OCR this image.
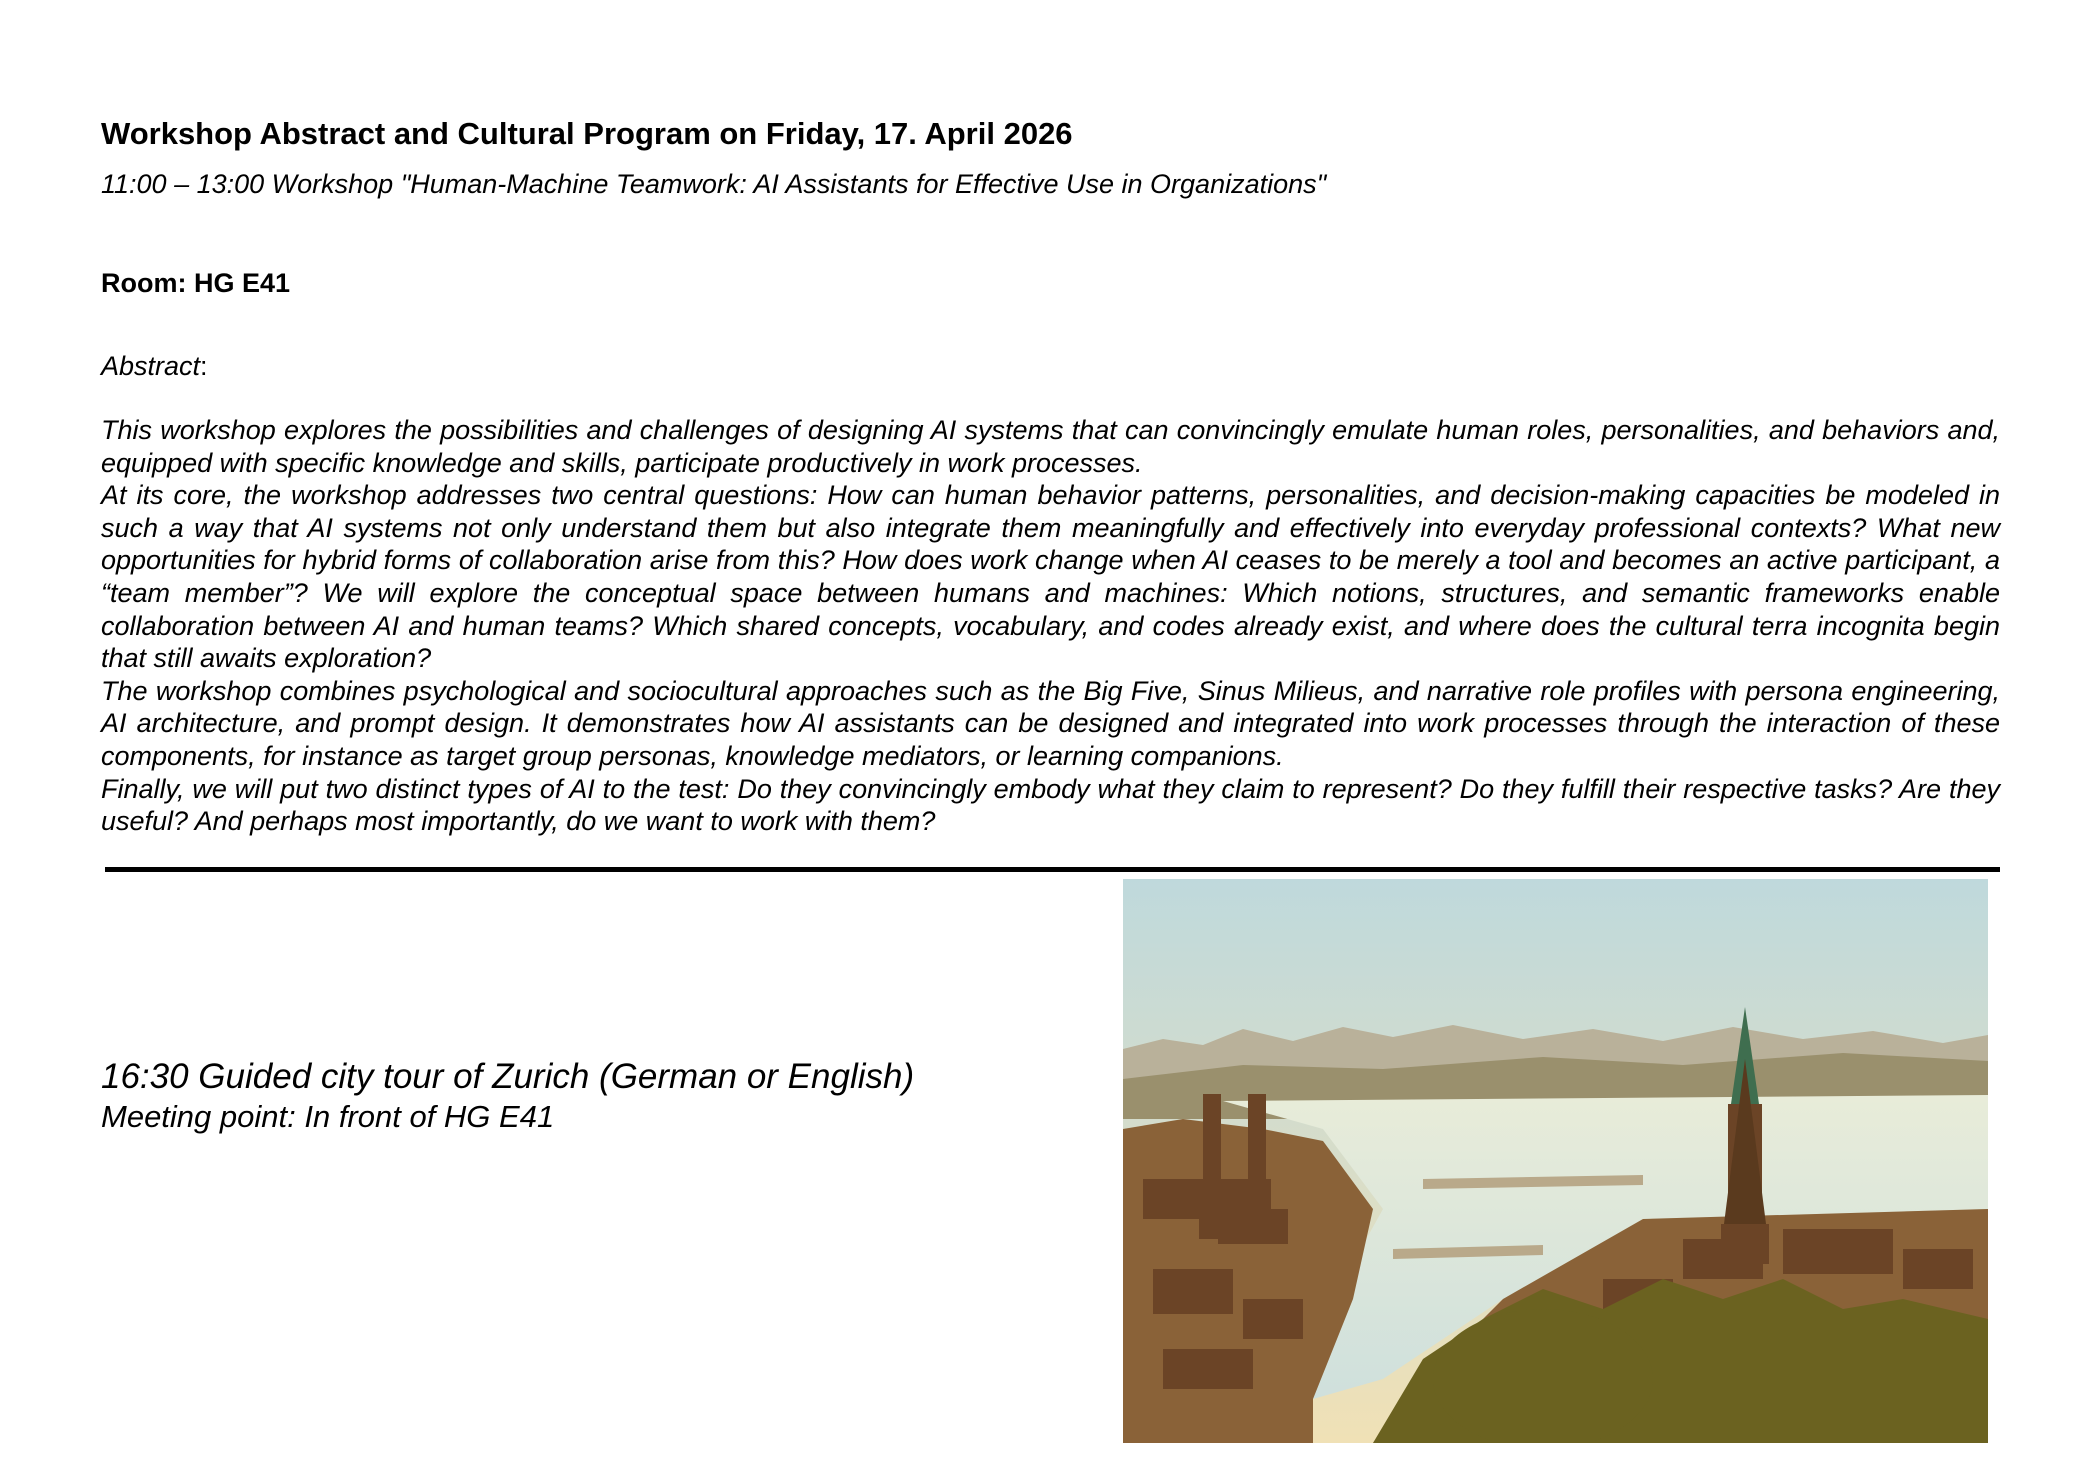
Workshop Abstract and Cultural Program on Friday, 17. April 2026
11:00 – 13:00 Workshop "Human-Machine Teamwork: AI Assistants for Effective Use in Organizations"
Room: HG E41
Abstract:

This workshop explores the possibilities and challenges of designing AI systems that can convincingly emulate human roles, personalities, and behaviors and, equipped with specific knowledge and skills, participate productively in work processes.

At its core, the workshop addresses two central questions: How can human behavior patterns, personalities, and decision-making capacities be modeled in such a way that AI systems not only understand them but also integrate them meaningfully and effectively into everyday professional contexts? What new opportunities for hybrid forms of collaboration arise from this? How does work change when AI ceases to be merely a tool and becomes an active participant, a “team member”? We will explore the conceptual space between humans and machines: Which notions, structures, and semantic frameworks enable collaboration between AI and human teams? Which shared concepts, vocabulary, and codes already exist, and where does the cultural terra incognita begin that still awaits exploration?

The workshop combines psychological and sociocultural approaches such as the Big Five, Sinus Milieus, and narrative role profiles with persona engineering, AI architecture, and prompt design. It demonstrates how AI assistants can be designed and integrated into work processes through the interaction of these components, for instance as target group personas, knowledge mediators, or learning companions.

Finally, we will put two distinct types of AI to the test: Do they convincingly embody what they claim to represent? Do they fulfill their respective tasks? Are they useful? And perhaps most importantly, do we want to work with them?

16:30 Guided city tour of Zurich (German or English)
Meeting point: In front of HG E41
